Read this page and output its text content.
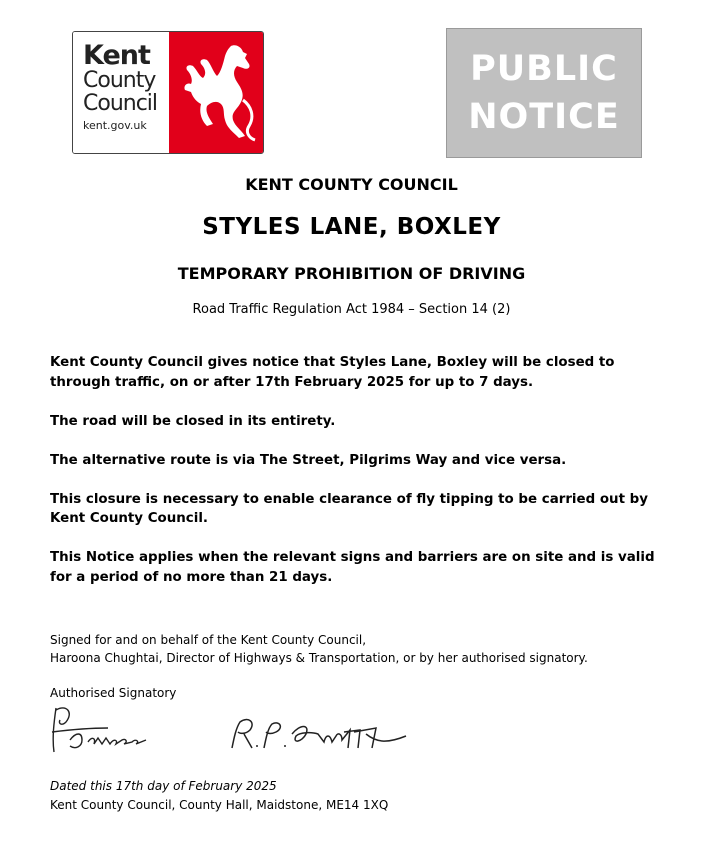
Kent
County
Council
kent.gov.uk
PUBLIC
NOTICE
KENT COUNTY COUNCIL
STYLES LANE, BOXLEY
TEMPORARY PROHIBITION OF DRIVING
Road Traffic Regulation Act 1984 – Section 14 (2)

Kent County Council gives notice that Styles Lane, Boxley will be closed to through traffic, on or after 17th February 2025 for up to 7 days.

The road will be closed in its entirety.

The alternative route is via The Street, Pilgrims Way and vice versa.

This closure is necessary to enable clearance of fly tipping to be carried out by Kent County Council.

This Notice applies when the relevant signs and barriers are on site and is valid for a period of no more than 21 days.

Signed for and on behalf of the Kent County Council,
Haroona Chughtai, Director of Highways & Transportation, or by her authorised signatory.
Authorised Signatory
Dated this 17th day of February 2025
Kent County Council, County Hall, Maidstone, ME14 1XQ
